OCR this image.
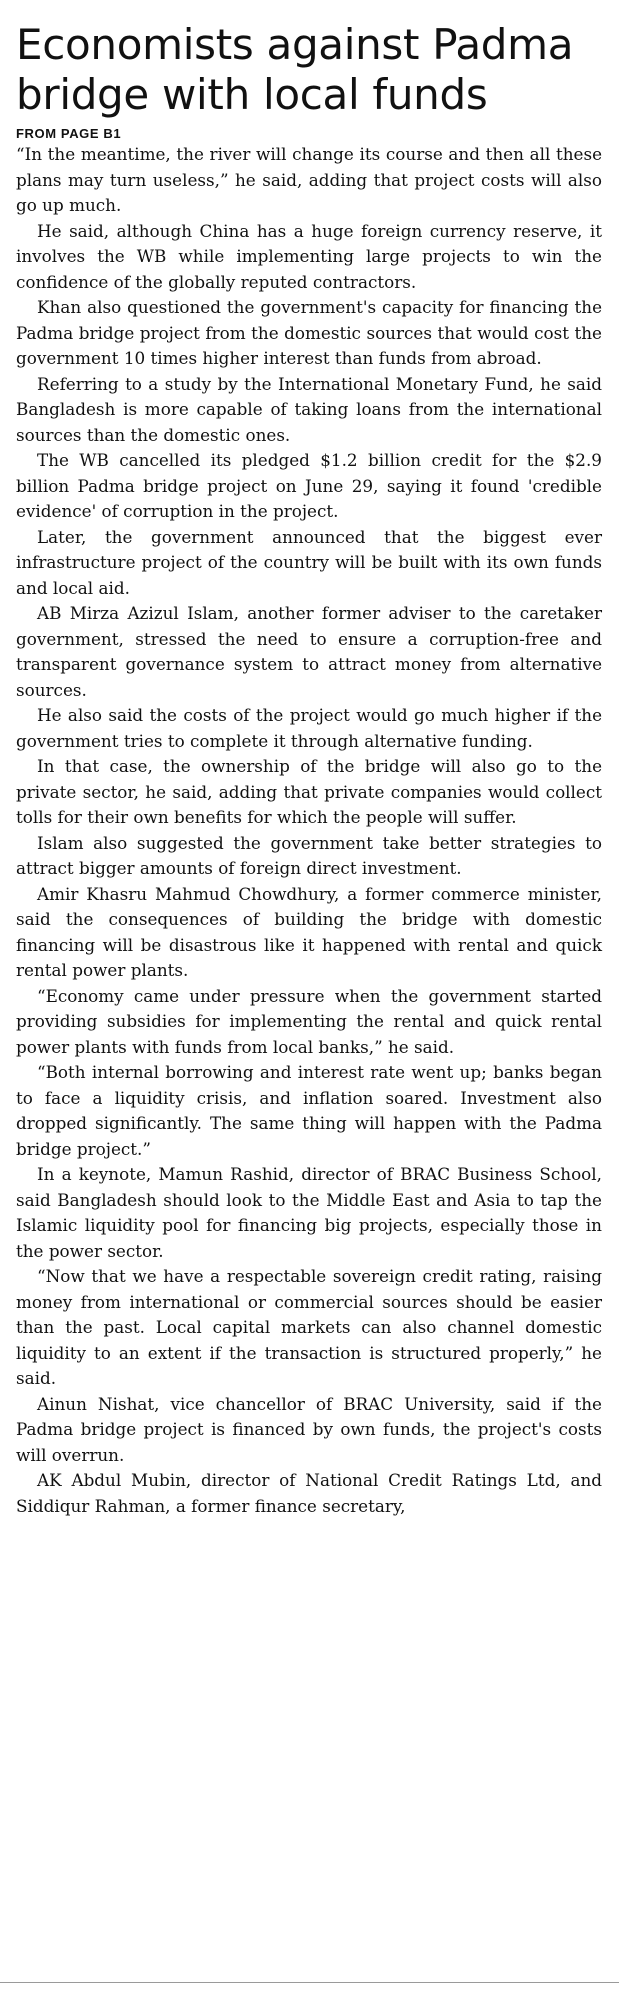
Economists against Padma
bridge with local funds
FROM PAGE B1

“In the meantime, the river will change its course and then all these plans may turn useless,” he said, adding that project costs will also go up much.

He said, although China has a huge foreign currency reserve, it involves the WB while implementing large projects to win the confidence of the globally reputed contractors.

Khan also questioned the government's capacity for financing the Padma bridge project from the domestic sources that would cost the government 10 times higher interest than funds from abroad.

Referring to a study by the International Monetary Fund, he said Bangladesh is more capable of taking loans from the international sources than the domestic ones.

The WB cancelled its pledged $1.2 billion credit for the $2.9 billion Padma bridge project on June 29, saying it found 'credible evidence' of corruption in the project.

Later, the government announced that the biggest ever infrastructure project of the country will be built with its own funds and local aid.

AB Mirza Azizul Islam, another former adviser to the caretaker government, stressed the need to ensure a corruption-free and transparent governance system to attract money from alternative sources.

He also said the costs of the project would go much higher if the government tries to complete it through alternative funding.

In that case, the ownership of the bridge will also go to the private sector, he said, adding that private companies would collect tolls for their own benefits for which the people will suffer.

Islam also suggested the government take better strategies to attract bigger amounts of foreign direct investment.

Amir Khasru Mahmud Chowdhury, a former commerce minister, said the consequences of building the bridge with domestic financing will be disastrous like it happened with rental and quick rental power plants.

“Economy came under pressure when the government started providing subsidies for implementing the rental and quick rental power plants with funds from local banks,” he said.

“Both internal borrowing and interest rate went up; banks began to face a liquidity crisis, and inflation soared. Investment also dropped significantly. The same thing will happen with the Padma bridge project.”

In a keynote, Mamun Rashid, director of BRAC Business School, said Bangladesh should look to the Middle East and Asia to tap the Islamic liquidity pool for financing big projects, especially those in the power sector.

“Now that we have a respectable sovereign credit rating, raising money from international or commercial sources should be easier than the past. Local capital markets can also channel domestic liquidity to an extent if the transaction is structured properly,” he said.

Ainun Nishat, vice chancellor of BRAC University, said if the Padma bridge project is financed by own funds, the project's costs will overrun.

AK Abdul Mubin, director of National Credit Ratings Ltd, and Siddiqur Rahman, a former finance secretary,
